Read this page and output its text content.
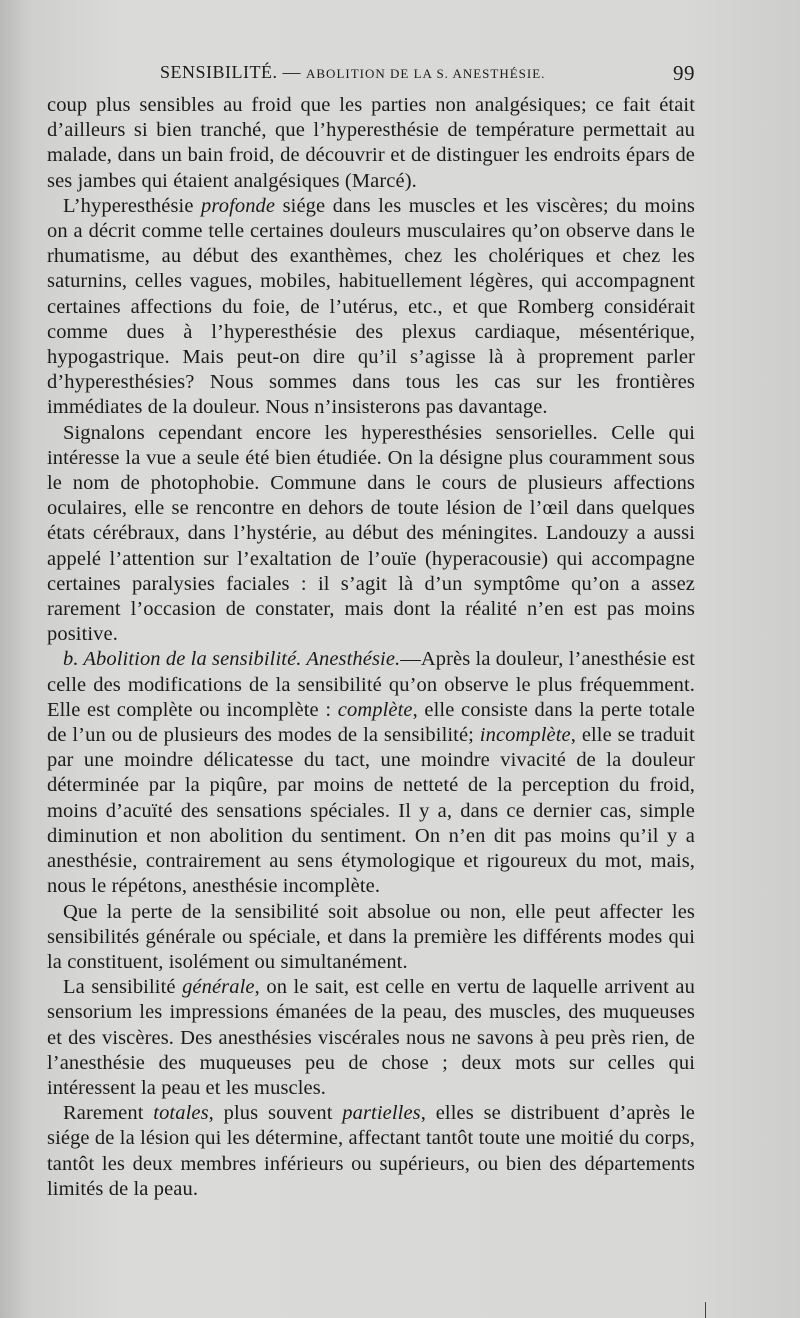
SENSIBILITÉ. — ABOLITION DE LA S. ANESTHÉSIE.	99

coup plus sensibles au froid que les parties non analgésiques; ce fait était d’ailleurs si bien tranché, que l’hyperesthésie de température permettait au malade, dans un bain froid, de découvrir et de distinguer les endroits épars de ses jambes qui étaient analgésiques (Marcé).

L’hyperesthésie profonde siége dans les muscles et les viscères; du moins on a décrit comme telle certaines douleurs musculaires qu’on observe dans le rhumatisme, au début des exanthèmes, chez les cholériques et chez les saturnins, celles vagues, mobiles, habituellement légères, qui accompagnent certaines affections du foie, de l’utérus, etc., et que Romberg considérait comme dues à l’hyperesthésie des plexus cardiaque, mésentérique, hypogastrique. Mais peut-on dire qu’il s’agisse là à proprement parler d’hyperesthésies? Nous sommes dans tous les cas sur les frontières immédiates de la douleur. Nous n’insisterons pas davantage.

Signalons cependant encore les hyperesthésies sensorielles. Celle qui intéresse la vue a seule été bien étudiée. On la désigne plus couramment sous le nom de photophobie. Commune dans le cours de plusieurs affections oculaires, elle se rencontre en dehors de toute lésion de l’œil dans quelques états cérébraux, dans l’hystérie, au début des méningites. Landouzy a aussi appelé l’attention sur l’exaltation de l’ouïe (hyperacousie) qui accompagne certaines paralysies faciales : il s’agit là d’un symptôme qu’on a assez rarement l’occasion de constater, mais dont la réalité n’en est pas moins positive.

b. Abolition de la sensibilité. Anesthésie.—Après la douleur, l’anesthésie est celle des modifications de la sensibilité qu’on observe le plus fréquemment. Elle est complète ou incomplète : complète, elle consiste dans la perte totale de l’un ou de plusieurs des modes de la sensibilité; incomplète, elle se traduit par une moindre délicatesse du tact, une moindre vivacité de la douleur déterminée par la piqûre, par moins de netteté de la perception du froid, moins d’acuïté des sensations spéciales. Il y a, dans ce dernier cas, simple diminution et non abolition du sentiment. On n’en dit pas moins qu’il y a anesthésie, contrairement au sens étymologique et rigoureux du mot, mais, nous le répétons, anesthésie incomplète.

Que la perte de la sensibilité soit absolue ou non, elle peut affecter les sensibilités générale ou spéciale, et dans la première les différents modes qui la constituent, isolément ou simultanément.

La sensibilité générale, on le sait, est celle en vertu de laquelle arrivent au sensorium les impressions émanées de la peau, des muscles, des muqueuses et des viscères. Des anesthésies viscérales nous ne savons à peu près rien, de l’anesthésie des muqueuses peu de chose ; deux mots sur celles qui intéressent la peau et les muscles.

Rarement totales, plus souvent partielles, elles se distribuent d’après le siége de la lésion qui les détermine, affectant tantôt toute une moitié du corps, tantôt les deux membres inférieurs ou supérieurs, ou bien des départements limités de la peau.
